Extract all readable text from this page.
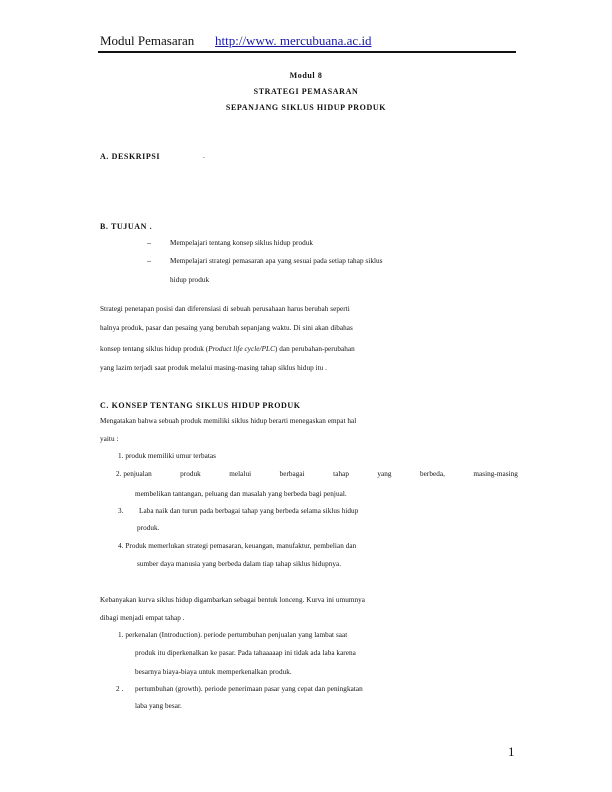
Modul Pemasaran http://www. mercubuana.ac.id
Modul 8
STRATEGI PEMASARAN
SEPANJANG SIKLUS HIDUP PRODUK
A. DESKRIPSI	.
B. TUJUAN .
–	Mempelajari tentang konsep siklus hidup produk
–	Mempelajari strategi pemasaran apa yang sesuai pada setiap tahap siklus
hidup produk
Strategi penetapan posisi dan diferensiasi di sebuah perusahaan harus berubah seperti
halnya produk, pasar dan pesaing yang berubah sepanjang waktu. Di sini akan dibahas
konsep tentang siklus hidup produk (Product life cycle/PLC) dan perubahan-perubahan
yang lazim terjadi saat produk melalui masing-masing tahap siklus hidup itu .
C. KONSEP TENTANG SIKLUS HIDUP PRODUK
Mengatakan bahwa sebuah produk memiliki siklus hidup berarti menegaskan empat hal
yaitu :
1. produk memiliki umur terbatas
2. penjualan	produk	melalui	berbagai	tahap	yang	berbeda,	masing-masing
membelikan tantangan, peluang dan masalah yang berbeda bagi penjual.
3. Laba naik dan turun pada berbagai tahap yang berbeda selama siklus hidup
produk.
4. Produk memerlukan strategi pemasaran, keuangan, manufaktur, pembelian dan
sumber daya manusia yang berbeda dalam tiap tahap siklus hidupnya.
Kebanyakan kurva siklus hidup digambarkan sebagai bentuk lonceng. Kurva ini umumnya
dibagi menjadi empat tahap .
1. perkenalan (Introduction). periode pertumbuhan penjualan yang lambat saat
produk itu diperkenalkan ke pasar. Pada tahaaaaap ini tidak ada laba karena
besarnya biaya-biaya untuk memperkenalkan produk.
2 . pertumbuhan (growth). periode penerimaan pasar yang cepat dan peningkatan
laba yang besar.
1
